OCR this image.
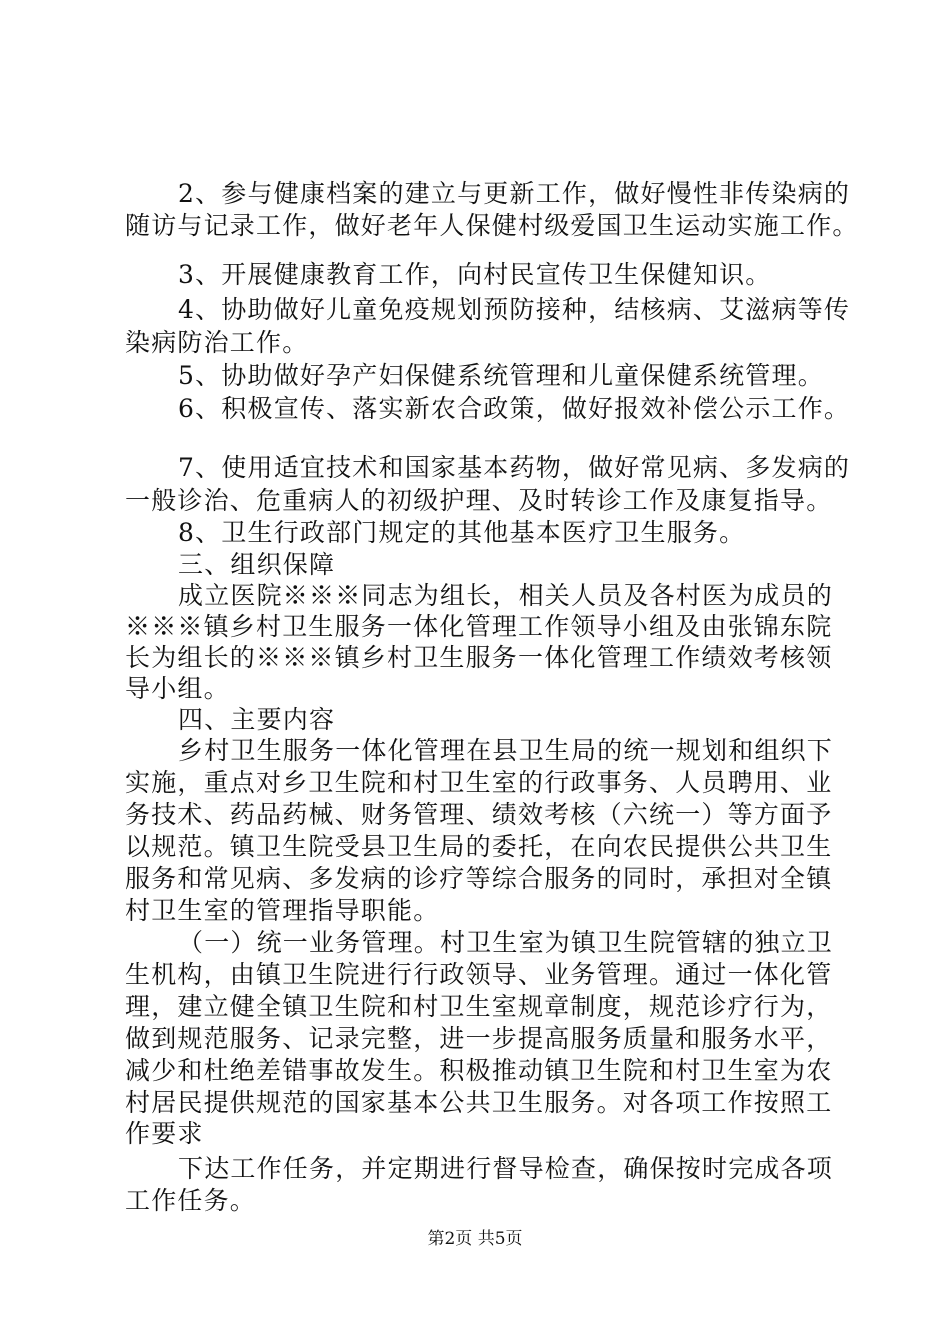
2、参与健康档案的建立与更新工作，做好慢性非传染病的
随访与记录工作，做好老年人保健村级爱国卫生运动实施工作。
3、开展健康教育工作，向村民宣传卫生保健知识。
4、协助做好儿童免疫规划预防接种，结核病、艾滋病等传
染病防治工作。
5、协助做好孕产妇保健系统管理和儿童保健系统管理。
6、积极宣传、落实新农合政策，做好报效补偿公示工作。
7、使用适宜技术和国家基本药物，做好常见病、多发病的
一般诊治、危重病人的初级护理、及时转诊工作及康复指导。
8、卫生行政部门规定的其他基本医疗卫生服务。
三、组织保障
成立医院※※※同志为组长，相关人员及各村医为成员的
※※※镇乡村卫生服务一体化管理工作领导小组及由张锦东院
长为组长的※※※镇乡村卫生服务一体化管理工作绩效考核领
导小组。
四、主要内容
乡村卫生服务一体化管理在县卫生局的统一规划和组织下
实施，重点对乡卫生院和村卫生室的行政事务、人员聘用、业
务技术、药品药械、财务管理、绩效考核（六统一）等方面予
以规范。镇卫生院受县卫生局的委托，在向农民提供公共卫生
服务和常见病、多发病的诊疗等综合服务的同时，承担对全镇
村卫生室的管理指导职能。
（一）统一业务管理。村卫生室为镇卫生院管辖的独立卫
生机构，由镇卫生院进行行政领导、业务管理。通过一体化管
理，建立健全镇卫生院和村卫生室规章制度，规范诊疗行为，
做到规范服务、记录完整，进一步提高服务质量和服务水平，
减少和杜绝差错事故发生。积极推动镇卫生院和村卫生室为农
村居民提供规范的国家基本公共卫生服务。对各项工作按照工
作要求
下达工作任务，并定期进行督导检查，确保按时完成各项
工作任务。
第2页 共5页
